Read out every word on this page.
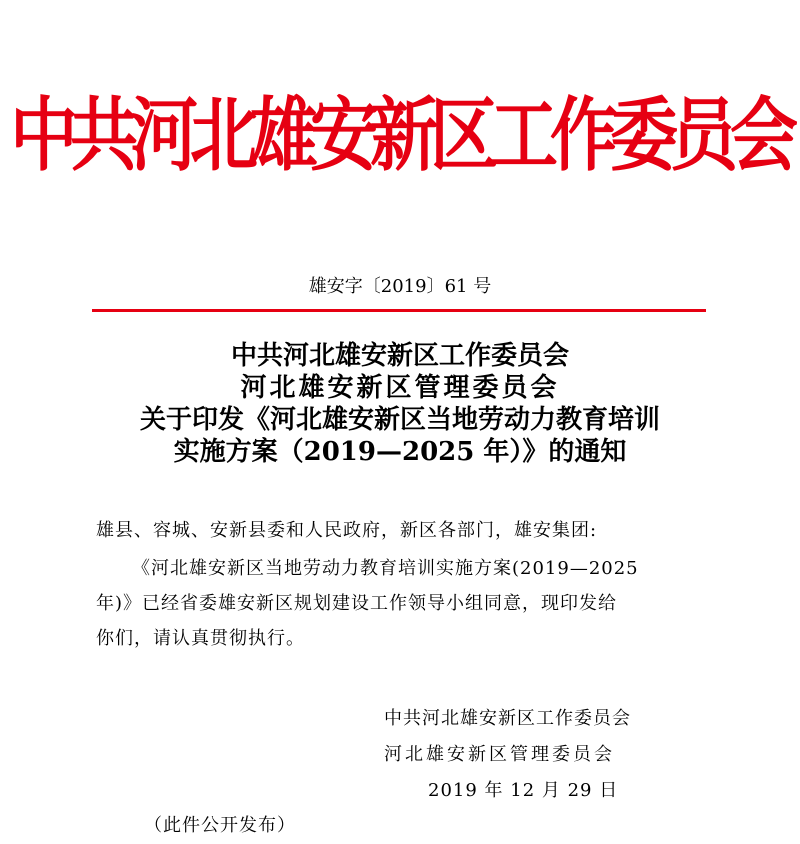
中共河北雄安新区工作委员会
雄安字〔2019〕61 号
中共河北雄安新区工作委员会
河北雄安新区管理委员会
关于印发《河北雄安新区当地劳动力教育培训
实施方案（2019—2025 年）》的通知
雄县、容城、安新县委和人民政府，新区各部门，雄安集团:
《河北雄安新区当地劳动力教育培训实施方案(2019—2025
年)》已经省委雄安新区规划建设工作领导小组同意，现印发给
你们，请认真贯彻执行。
中共河北雄安新区工作委员会
河北雄安新区管理委员会
2019 年 12 月 29 日
（此件公开发布）
